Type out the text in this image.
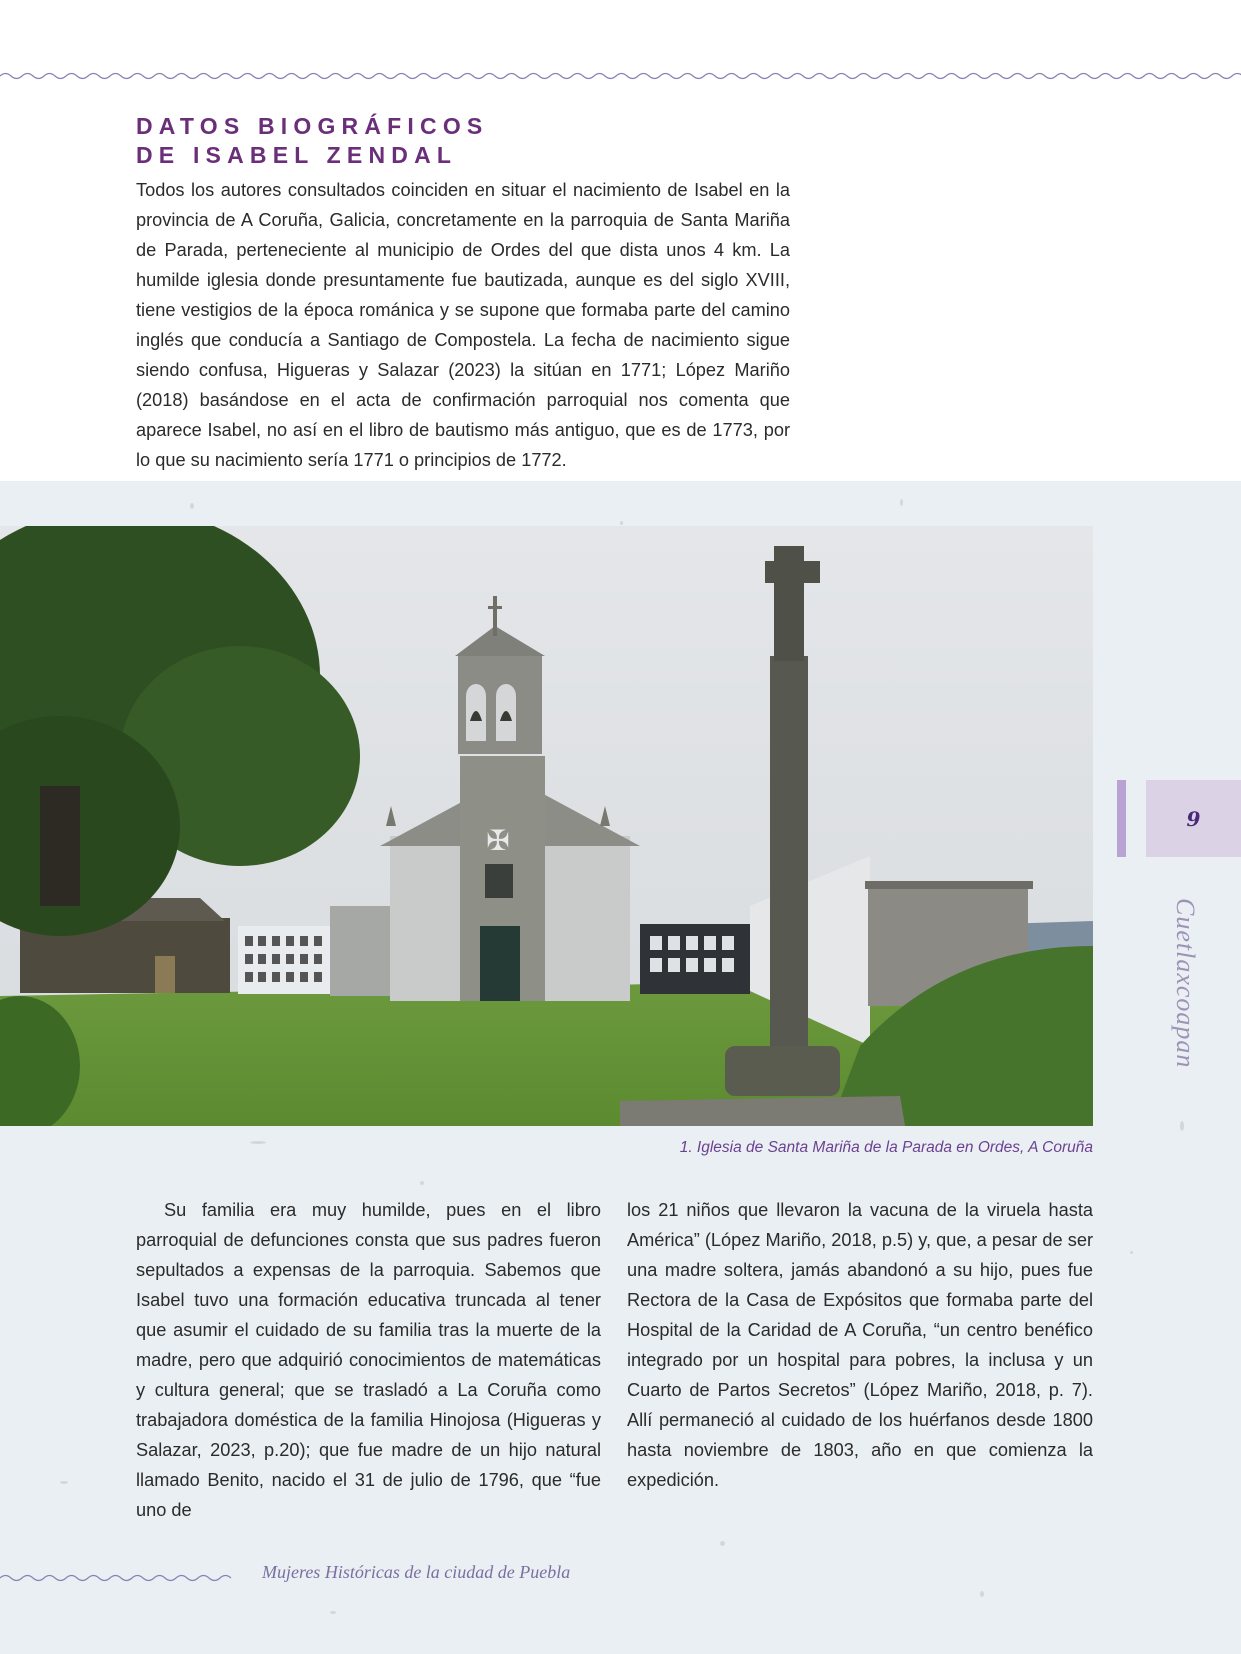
DATOS BIOGRÁFICOS
DE ISABEL ZENDAL

Todos los autores consultados coinciden en situar el nacimiento de Isabel en la provincia de A Coruña, Galicia, concretamente en la parroquia de Santa Mariña de Parada, perteneciente al municipio de Ordes del que dista unos 4 km. La humilde iglesia donde presuntamente fue bautizada, aunque es del siglo XVIII, tiene vestigios de la época románica y se supone que formaba parte del camino inglés que conducía a Santiago de Compostela. La fecha de nacimiento sigue siendo confusa, Higueras y Salazar (2023) la sitúan en 1771; López Mariño (2018) basándose en el acta de confirmación parroquial nos comenta que aparece Isabel, no así en el libro de bautismo más antiguo, que es de 1773, por lo que su nacimiento sería 1771 o principios de 1772.

✠

1. Iglesia de Santa Mariña de la Parada en Ordes, A Coruña

Su familia era muy humilde, pues en el libro parroquial de defunciones consta que sus padres fueron sepultados a expensas de la parroquia. Sabemos que Isabel tuvo una formación educativa truncada al tener que asumir el cuidado de su familia tras la muerte de la madre, pero que adquirió conocimientos de matemáticas y cultura general; que se trasladó a La Coruña como trabajadora doméstica de la familia Hinojosa (Higueras y Salazar, 2023, p.20); que fue madre de un hijo natural llamado Benito, nacido el 31 de julio de 1796, que “fue uno de

los 21 niños que llevaron la vacuna de la viruela hasta América” (López Mariño, 2018, p.5) y, que, a pesar de ser una madre soltera, jamás abandonó a su hijo, pues fue Rectora de la Casa de Expósitos que formaba parte del Hospital de la Caridad de A Coruña, “un centro benéfico integrado por un hospital para pobres, la inclusa y un Cuarto de Partos Secretos” (López Mariño, 2018, p. 7). Allí permaneció al cuidado de los huérfanos desde 1800 hasta noviembre de 1803, año en que comienza la expedición.

9
Cuetlaxcoapan

Mujeres Históricas de la ciudad de Puebla
